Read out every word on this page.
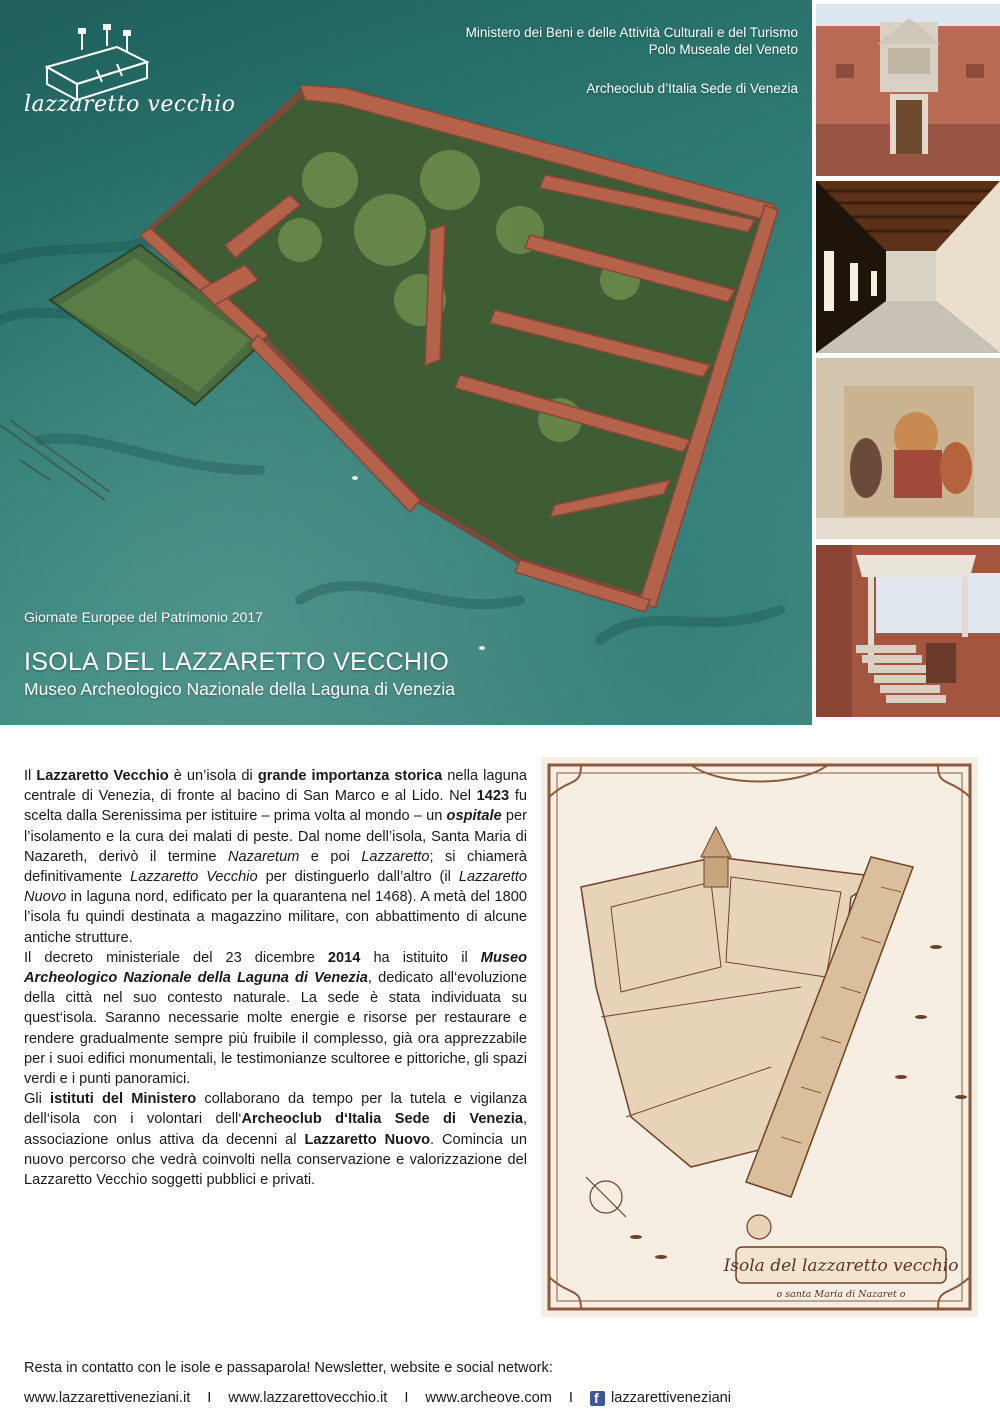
lazzaretto vecchio
Ministero dei Beni e delle Attività Culturali e del Turismo
Polo Museale del Veneto
Archeoclub d’Italia Sede di Venezia
Giornate Europee del Patrimonio 2017
ISOLA DEL LAZZARETTO VECCHIO
Museo Archeologico Nazionale della Laguna di Venezia

Il Lazzaretto Vecchio è un’isola di grande importanza storica nella laguna centrale di Venezia, di fronte al bacino di San Marco e al Lido. Nel 1423 fu scelta dalla Serenissima per istituire – prima volta al mondo – un ospitale per l’isolamento e la cura dei malati di peste. Dal nome dell’isola, Santa Maria di Nazareth, derivò il termine Nazaretum e poi Lazzaretto; si chiamerà definitivamente Lazzaretto Vecchio per distinguerlo dall’altro (il Lazzaretto Nuovo in laguna nord, edificato per la quarantena nel 1468). A metà del 1800 l’isola fu quindi destinata a magazzino militare, con abbattimento di alcune antiche strutture.

Il decreto ministeriale del 23 dicembre 2014 ha istituito il Museo Archeologico Nazionale della Laguna di Venezia, dedicato all‘evoluzione della città nel suo contesto naturale. La sede è stata individuata su quest‘isola. Saranno necessarie molte energie e risorse per restaurare e rendere gradualmente sempre più fruibile il complesso, già ora apprezzabile per i suoi edifici monumentali, le testimonianze scultoree e pittoriche, gli spazi verdi e i punti panoramici.

Gli istituti del Ministero collaborano da tempo per la tutela e vigilanza dell‘isola con i volontari dell‘Archeoclub d‘Italia Sede di Venezia, associazione onlus attiva da decenni al Lazzaretto Nuovo. Comincia un nuovo percorso che vedrà coinvolti nella conservazione e valorizzazione del Lazzaretto Vecchio soggetti pubblici e privati.

Isola del lazzaretto vecchio
o santa Maria di Nazaret o
Resta in contatto con le isole e passaparola! Newsletter, website e social network:
www.lazzarettiveneziani.it I www.lazzarettovecchio.it I www.archeove.com I
f	lazzarettiveneziani
